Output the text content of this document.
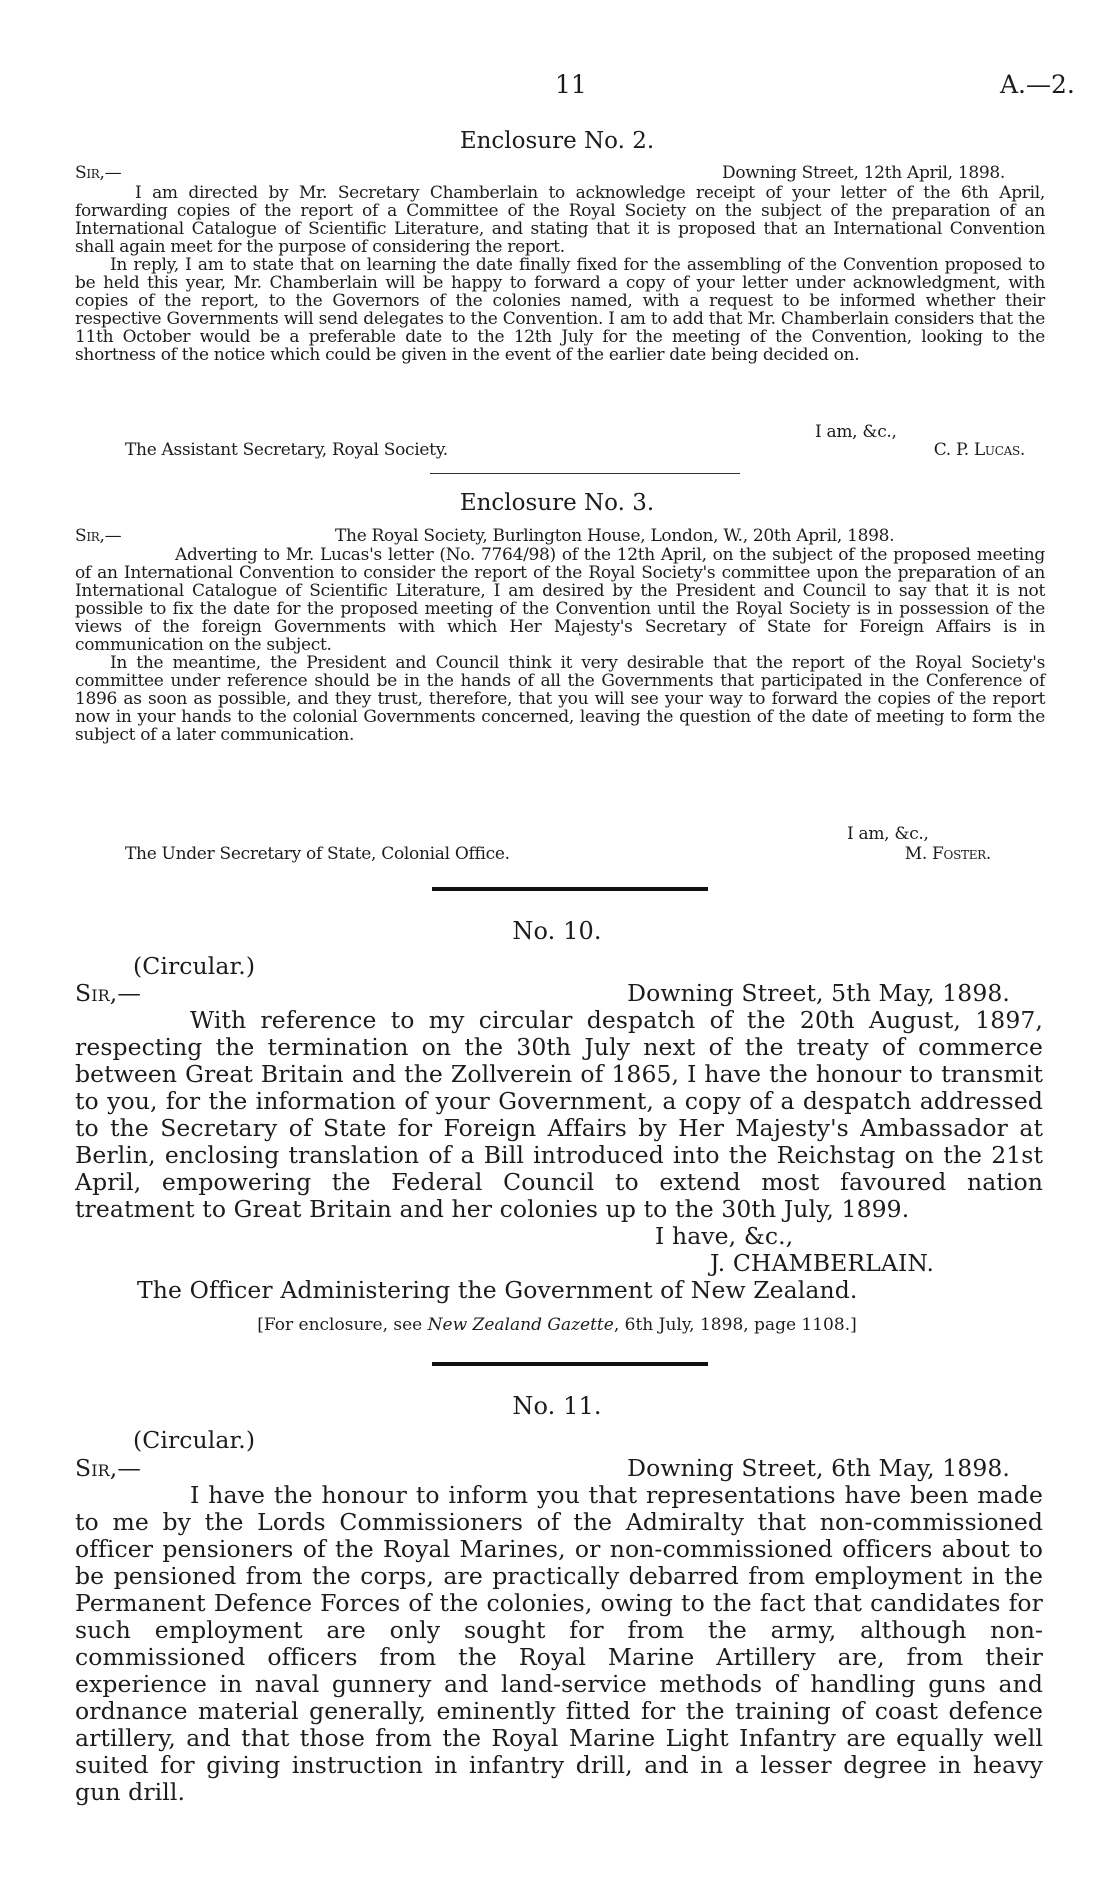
11	A.—2.
Enclosure No. 2.
Sir,—	Downing Street, 12th April, 1898.

I am directed by Mr. Secretary Chamberlain to acknowledge receipt of your letter of the 6th April, forwarding copies of the report of a Committee of the Royal Society on the subject of the preparation of an International Catalogue of Scientific Literature, and stating that it is proposed that an International Convention shall again meet for the purpose of considering the report.

In reply, I am to state that on learning the date finally fixed for the assembling of the Convention proposed to be held this year, Mr. Chamberlain will be happy to forward a copy of your letter under acknowledgment, with copies of the report, to the Governors of the colonies named, with a request to be informed whether their respective Governments will send delegates to the Convention. I am to add that Mr. Chamberlain considers that the 11th October would be a preferable date to the 12th July for the meeting of the Convention, looking to the shortness of the notice which could be given in the event of the earlier date being decided on.

I am, &c.,
The Assistant Secretary, Royal Society.	C. P. Lucas.
Enclosure No. 3.
Sir,—	The Royal Society, Burlington House, London, W., 20th April, 1898.

Adverting to Mr. Lucas's letter (No. 7764/98) of the 12th April, on the subject of the proposed meeting of an International Convention to consider the report of the Royal Society's committee upon the preparation of an International Catalogue of Scientific Literature, I am desired by the President and Council to say that it is not possible to fix the date for the proposed meeting of the Convention until the Royal Society is in possession of the views of the foreign Governments with which Her Majesty's Secretary of State for Foreign Affairs is in communication on the subject.

In the meantime, the President and Council think it very desirable that the report of the Royal Society's committee under reference should be in the hands of all the Governments that participated in the Conference of 1896 as soon as possible, and they trust, therefore, that you will see your way to forward the copies of the report now in your hands to the colonial Governments concerned, leaving the question of the date of meeting to form the subject of a later communication.

I am, &c.,
The Under Secretary of State, Colonial Office.	M. Foster.
No. 10.
(Circular.)
Sir,—	Downing Street, 5th May, 1898.

With reference to my circular despatch of the 20th August, 1897, respecting the termination on the 30th July next of the treaty of commerce between Great Britain and the Zollverein of 1865, I have the honour to transmit to you, for the information of your Government, a copy of a despatch addressed to the Secretary of State for Foreign Affairs by Her Majesty's Ambassador at Berlin, enclosing translation of a Bill introduced into the Reichstag on the 21st April, empowering the Federal Council to extend most favoured nation treatment to Great Britain and her colonies up to the 30th July, 1899.

I have, &c.,
J. CHAMBERLAIN.
The Officer Administering the Government of New Zealand.
[For enclosure, see New Zealand Gazette, 6th July, 1898, page 1108.]
No. 11.
(Circular.)
Sir,—	Downing Street, 6th May, 1898.

I have the honour to inform you that representations have been made to me by the Lords Commissioners of the Admiralty that non-commissioned officer pensioners of the Royal Marines, or non-commissioned officers about to be pensioned from the corps, are practically debarred from employment in the Permanent Defence Forces of the colonies, owing to the fact that candidates for such employment are only sought for from the army, although non-commissioned officers from the Royal Marine Artillery are, from their experience in naval gunnery and land-service methods of handling guns and ordnance material generally, eminently fitted for the training of coast defence artillery, and that those from the Royal Marine Light Infantry are equally well suited for giving instruction in infantry drill, and in a lesser degree in heavy gun drill.
